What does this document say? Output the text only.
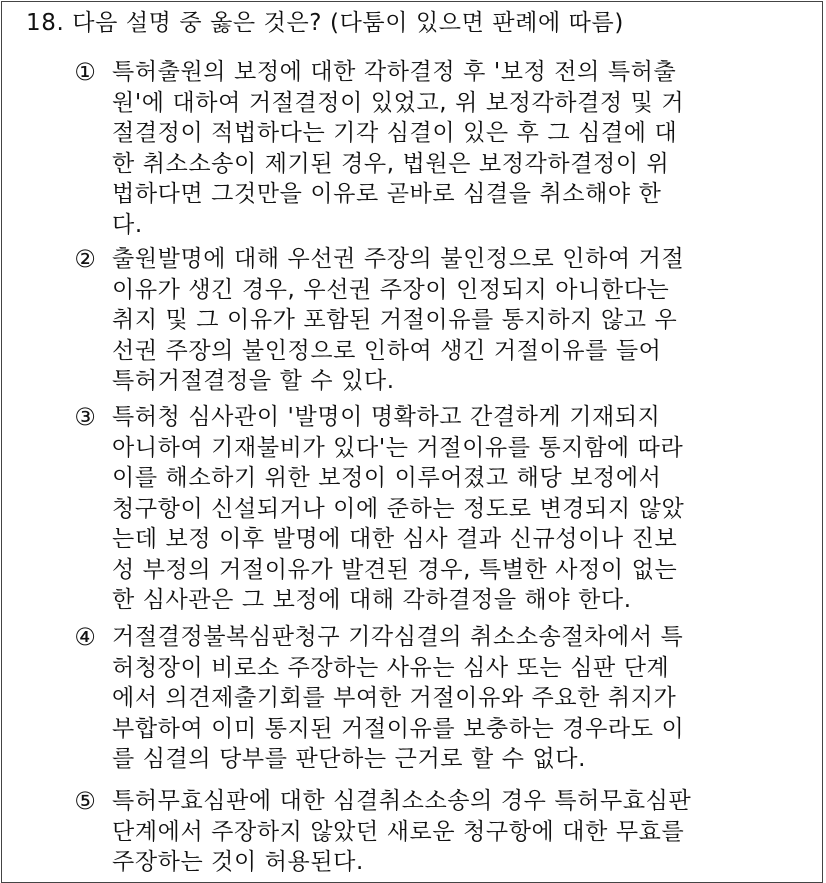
18. 다음 설명 중 옳은 것은? (다툼이 있으면 판례에 따름)
① 특허출원의 보정에 대한 각하결정 후 '보정 전의 특허출
원'에 대하여 거절결정이 있었고, 위 보정각하결정 및 거
절결정이 적법하다는 기각 심결이 있은 후 그 심결에 대
한 취소소송이 제기된 경우, 법원은 보정각하결정이 위
법하다면 그것만을 이유로 곧바로 심결을 취소해야 한
다.
② 출원발명에 대해 우선권 주장의 불인정으로 인하여 거절
이유가 생긴 경우, 우선권 주장이 인정되지 아니한다는
취지 및 그 이유가 포함된 거절이유를 통지하지 않고 우
선권 주장의 불인정으로 인하여 생긴 거절이유를 들어
특허거절결정을 할 수 있다.
③ 특허청 심사관이 '발명이 명확하고 간결하게 기재되지
아니하여 기재불비가 있다'는 거절이유를 통지함에 따라
이를 해소하기 위한 보정이 이루어졌고 해당 보정에서
청구항이 신설되거나 이에 준하는 정도로 변경되지 않았
는데 보정 이후 발명에 대한 심사 결과 신규성이나 진보
성 부정의 거절이유가 발견된 경우, 특별한 사정이 없는
한 심사관은 그 보정에 대해 각하결정을 해야 한다.
④ 거절결정불복심판청구 기각심결의 취소소송절차에서 특
허청장이 비로소 주장하는 사유는 심사 또는 심판 단계
에서 의견제출기회를 부여한 거절이유와 주요한 취지가
부합하여 이미 통지된 거절이유를 보충하는 경우라도 이
를 심결의 당부를 판단하는 근거로 할 수 없다.
⑤ 특허무효심판에 대한 심결취소소송의 경우 특허무효심판
단계에서 주장하지 않았던 새로운 청구항에 대한 무효를
주장하는 것이 허용된다.
